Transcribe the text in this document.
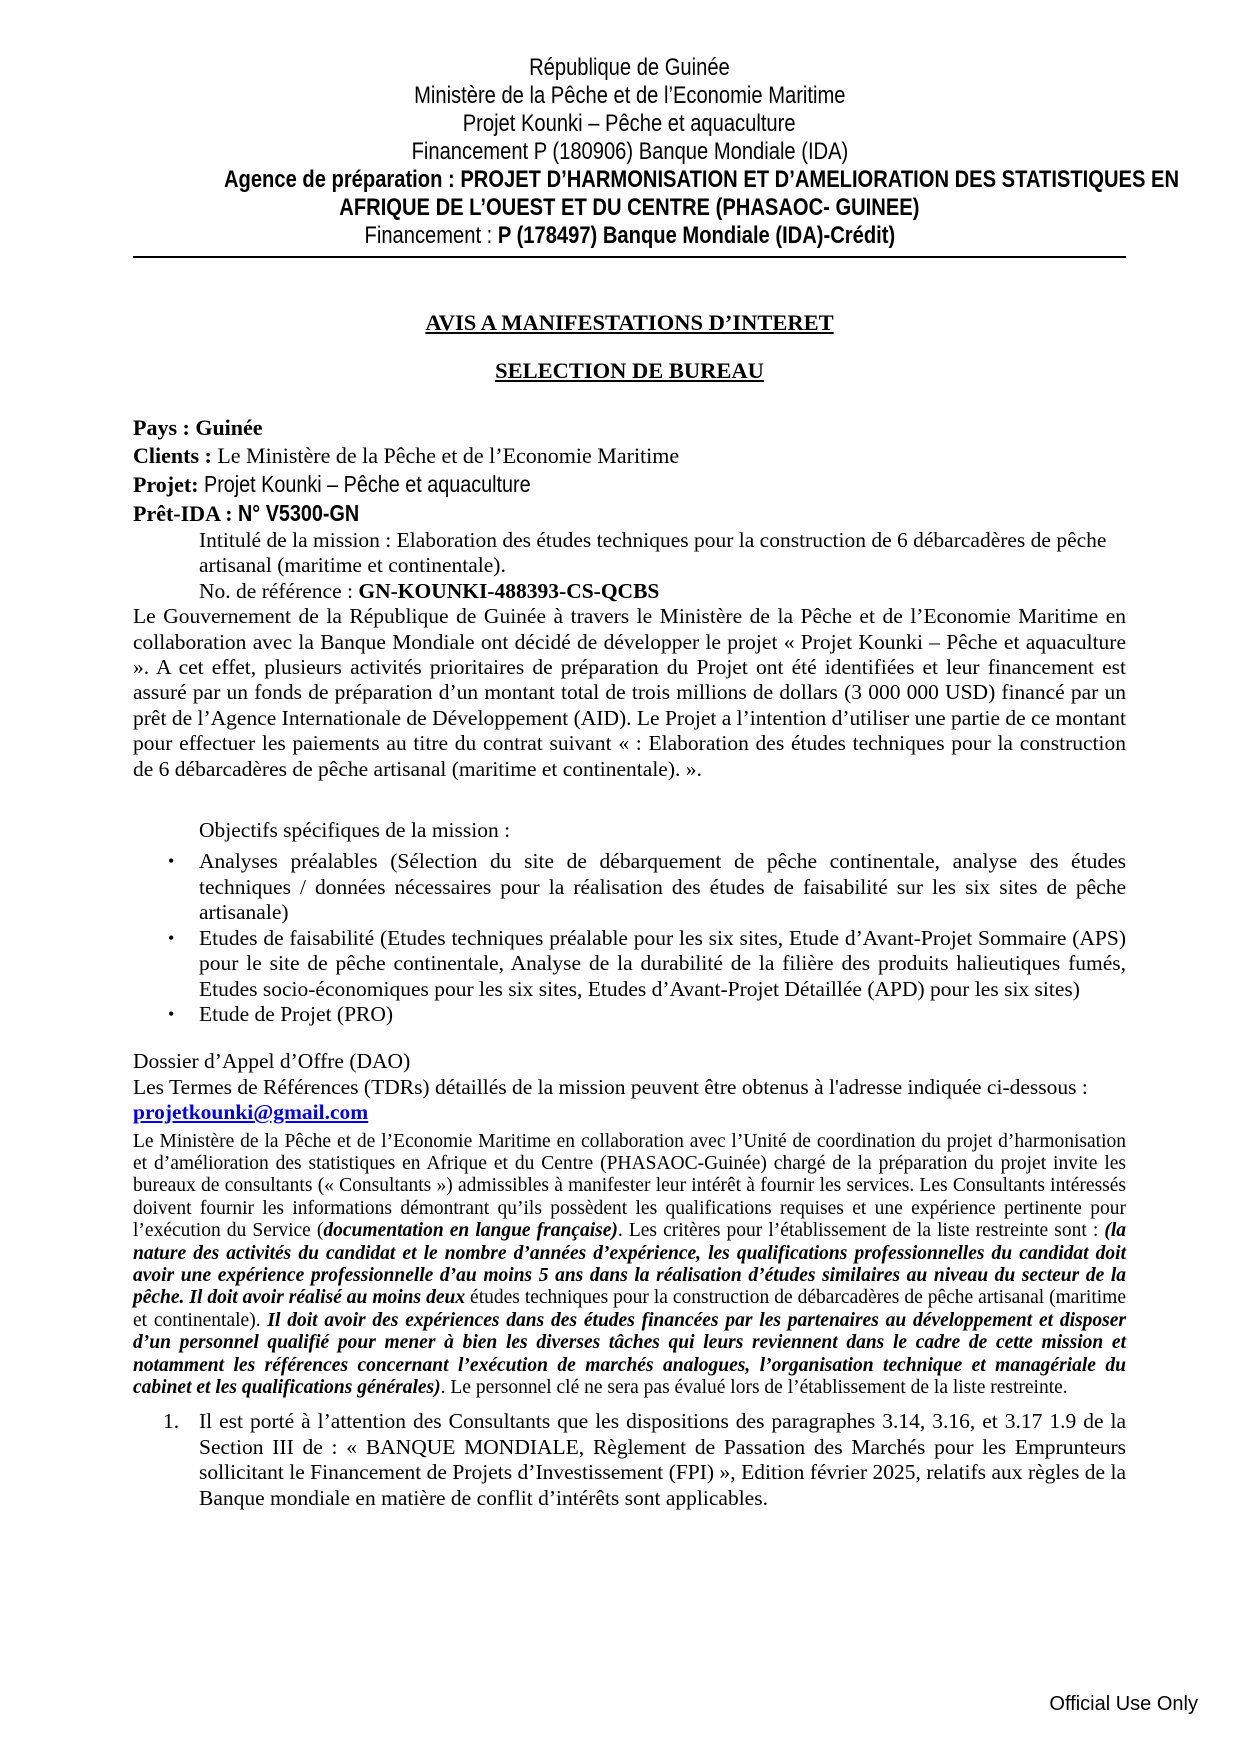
République de Guinée
Ministère de la Pêche et de l’Economie Maritime
Projet Kounki – Pêche et aquaculture
Financement P (180906) Banque Mondiale (IDA)
Agence de préparation : PROJET D’HARMONISATION ET D’AMELIORATION DES STATISTIQUES EN
AFRIQUE DE L’OUEST ET DU CENTRE (PHASAOC- GUINEE)
Financement : P (178497) Banque Mondiale (IDA)-Crédit)
AVIS A MANIFESTATIONS D’INTERET
SELECTION DE BUREAU
Pays : Guinée
Clients : Le Ministère de la Pêche et de l’Economie Maritime
Projet: Projet Kounki – Pêche et aquaculture
Prêt-IDA : N° V5300-GN
Intitulé de la mission : Elaboration des études techniques pour la construction de 6 débarcadères de pêche artisanal (maritime et continentale).
No. de référence : GN-KOUNKI-488393-CS-QCBS
Le Gouvernement de la République de Guinée à travers le Ministère de la Pêche et de l’Economie Maritime en collaboration avec la Banque Mondiale ont décidé de développer le projet « Projet Kounki – Pêche et aquaculture ». A cet effet, plusieurs activités prioritaires de préparation du Projet ont été identifiées et leur financement est assuré par un fonds de préparation d’un montant total de trois millions de dollars (3 000 000 USD) financé par un prêt de l’Agence Internationale de Développement (AID). Le Projet a l’intention d’utiliser une partie de ce montant pour effectuer les paiements au titre du contrat suivant « : Elaboration des études techniques pour la construction de 6 débarcadères de pêche artisanal (maritime et continentale). ».
Objectifs spécifiques de la mission :
•	Analyses préalables (Sélection du site de débarquement de pêche continentale, analyse des études techniques / données nécessaires pour la réalisation des études de faisabilité sur les six sites de pêche artisanale)
•	Etudes de faisabilité (Etudes techniques préalable pour les six sites, Etude d’Avant-Projet Sommaire (APS) pour le site de pêche continentale, Analyse de la durabilité de la filière des produits halieutiques fumés, Etudes socio-économiques pour les six sites, Etudes d’Avant-Projet Détaillée (APD) pour les six sites)
•	Etude de Projet (PRO)
Dossier d’Appel d’Offre (DAO)
Les Termes de Références (TDRs) détaillés de la mission peuvent être obtenus à l'adresse indiquée ci-dessous : projetkounki@gmail.com
Le Ministère de la Pêche et de l’Economie Maritime en collaboration avec l’Unité de coordination du projet d’harmonisation et d’amélioration des statistiques en Afrique et du Centre (PHASAOC-Guinée) chargé de la préparation du projet invite les bureaux de consultants (« Consultants ») admissibles à manifester leur intérêt à fournir les services. Les Consultants intéressés doivent fournir les informations démontrant qu’ils possèdent les qualifications requises et une expérience pertinente pour l’exécution du Service (documentation en langue française). Les critères pour l’établissement de la liste restreinte sont : (la nature des activités du candidat et le nombre d’années d’expérience, les qualifications professionnelles du candidat doit avoir une expérience professionnelle d’au moins 5 ans dans la réalisation d’études similaires au niveau du secteur de la pêche. Il doit avoir réalisé au moins deux études techniques pour la construction de débarcadères de pêche artisanal (maritime et continentale). Il doit avoir des expériences dans des études financées par les partenaires au développement et disposer d’un personnel qualifié pour mener à bien les diverses tâches qui leurs reviennent dans le cadre de cette mission et notamment les références concernant l’exécution de marchés analogues, l’organisation technique et managériale du cabinet et les qualifications générales). Le personnel clé ne sera pas évalué lors de l’établissement de la liste restreinte.
1. Il est porté à l’attention des Consultants que les dispositions des paragraphes 3.14, 3.16, et 3.17 1.9 de la Section III de : « BANQUE MONDIALE, Règlement de Passation des Marchés pour les Emprunteurs sollicitant le Financement de Projets d’Investissement (FPI) », Edition février 2025, relatifs aux règles de la Banque mondiale en matière de conflit d’intérêts sont applicables.
Official Use Only
